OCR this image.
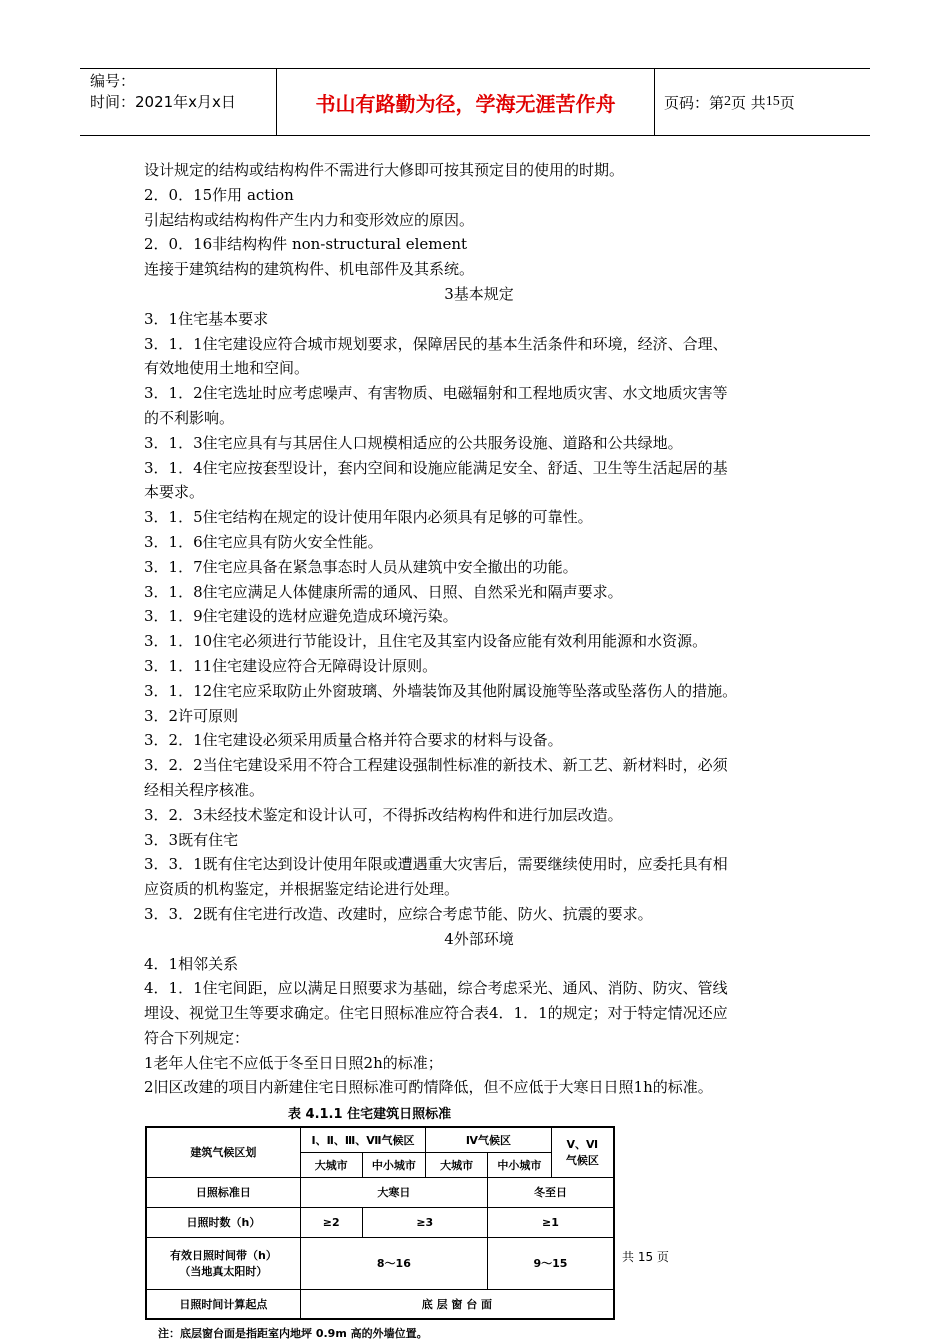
编号：
时间：2021年x月x日	书山有路勤为径，学海无涯苦作舟	页码：第 2 页 共 15 页

设计规定的结构或结构构件不需进行大修即可按其预定目的使用的时期。

2．0．15作用 action

引起结构或结构构件产生内力和变形效应的原因。

2．0．16非结构构件 non-structural element

连接于建筑结构的建筑构件、机电部件及其系统。

3基本规定

3．1住宅基本要求

3．1．1住宅建设应符合城市规划要求，保障居民的基本生活条件和环境，经济、合理、

有效地使用土地和空间。

3．1．2住宅选址时应考虑噪声、有害物质、电磁辐射和工程地质灾害、水文地质灾害等

的不利影响。

3．1．3住宅应具有与其居住人口规模相适应的公共服务设施、道路和公共绿地。

3．1．4住宅应按套型设计，套内空间和设施应能满足安全、舒适、卫生等生活起居的基

本要求。

3．1．5住宅结构在规定的设计使用年限内必须具有足够的可靠性。

3．1．6住宅应具有防火安全性能。

3．1．7住宅应具备在紧急事态时人员从建筑中安全撤出的功能。

3．1．8住宅应满足人体健康所需的通风、日照、自然采光和隔声要求。

3．1．9住宅建设的选材应避免造成环境污染。

3．1．10住宅必须进行节能设计，且住宅及其室内设备应能有效利用能源和水资源。

3．1．11住宅建设应符合无障碍设计原则。

3．1．12住宅应采取防止外窗玻璃、外墙装饰及其他附属设施等坠落或坠落伤人的措施。

3．2许可原则

3．2．1住宅建设必须采用质量合格并符合要求的材料与设备。

3．2．2当住宅建设采用不符合工程建设强制性标准的新技术、新工艺、新材料时，必须

经相关程序核准。

3．2．3未经技术鉴定和设计认可，不得拆改结构构件和进行加层改造。

3．3既有住宅

3．3．1既有住宅达到设计使用年限或遭遇重大灾害后，需要继续使用时，应委托具有相

应资质的机构鉴定，并根据鉴定结论进行处理。

3．3．2既有住宅进行改造、改建时，应综合考虑节能、防火、抗震的要求。

4外部环境

4．1相邻关系

4．1．1住宅间距，应以满足日照要求为基础，综合考虑采光、通风、消防、防灾、管线

埋设、视觉卫生等要求确定。住宅日照标准应符合表4．1．1的规定；对于特定情况还应

符合下列规定：

1老年人住宅不应低于冬至日日照2h的标准；

2旧区改建的项目内新建住宅日照标准可酌情降低，但不应低于大寒日日照1h的标准。

表 4.1.1 住宅建筑日照标准
建筑气候区划	Ⅰ、Ⅱ、Ⅲ、Ⅶ气候区		Ⅳ气候区		Ⅴ、Ⅵ
气候区

	大城市	中小城市	大城市	中小城市	
日照标准日	大寒日			冬至日	
日照时数（h）	≥2	≥3		≥1	

有效日照时间带（h）
（当地真太阳时）	8～16			9～15	
日照时间计算起点	底 层 窗 台 面				
共 15 页
注：底层窗台面是指距室内地坪 0.9m 高的外墙位置。
